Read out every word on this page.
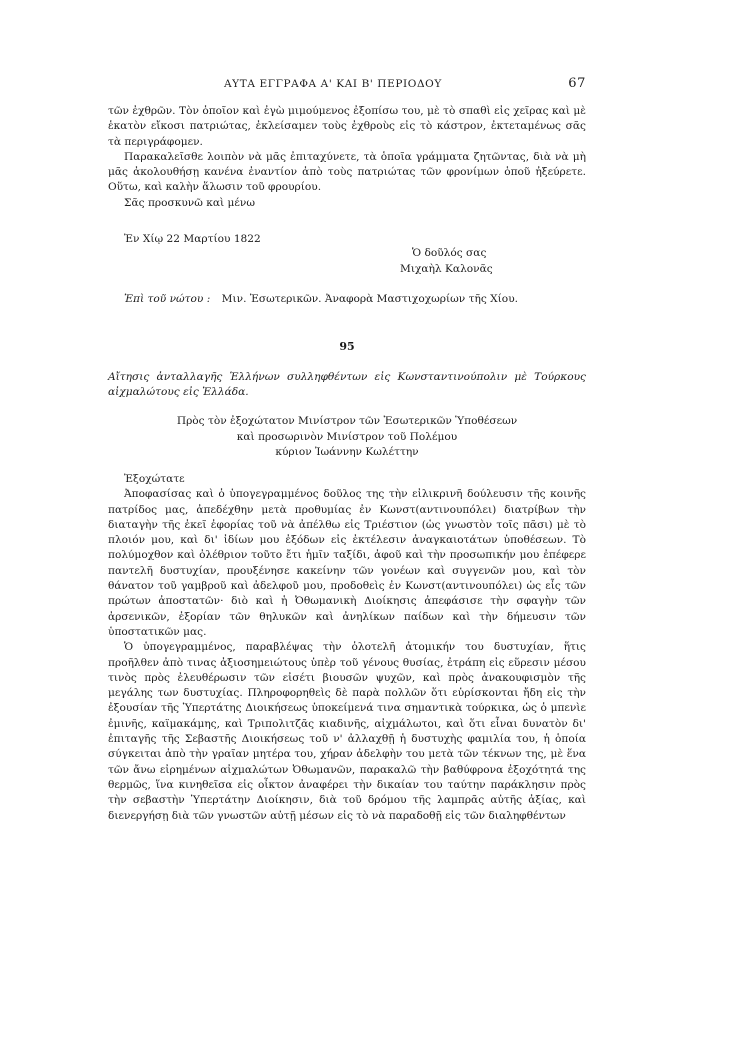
ΑΥΤΑ ΕΓΓΡΑΦΑ Α' ΚΑΙ Β' ΠΕΡΙΟΔΟΥ	67

τῶν ἐχθρῶν. Τὸν ὁποῖον καὶ ἐγὼ μιμούμενος ἐξοπίσω του, μὲ τὸ σπαθὶ εἰς χεῖρας καὶ μὲ ἑκατὸν εἴκοσι πατριώτας, ἐκλείσαμεν τοὺς ἐχθροὺς εἰς τὸ κάστρον, ἐκτεταμένως σᾶς τὰ περιγράφομεν.

Παρακαλεῖσθε λοιπὸν νὰ μᾶς ἐπιταχύνετε, τὰ ὁποῖα γράμματα ζητῶντας, διὰ νὰ μὴ μᾶς ἀκολουθήσῃ κανένα ἐναντίον ἀπὸ τοὺς πατριώτας τῶν φρονίμων ὁποῦ ἠξεύρετε. Οὕτω, καὶ καλὴν ἅλωσιν τοῦ φρουρίου.

Σᾶς προσκυνῶ καὶ μένω

Ἐν Χίῳ 22 Μαρτίου 1822

Ὁ δοῦλός σας
Μιχαὴλ Καλονᾶς

Ἐπὶ τοῦ νώτου : Μιν. Ἐσωτερικῶν. Ἀναφορὰ Μαστιχοχωρίων τῆς Χίου.

95
Αἴτησις ἀνταλλαγῆς Ἑλλήνων συλληφθέντων εἰς Κωνσταντινούπολιν μὲ Τούρκους αἰχμαλώτους εἰς Ἑλλάδα.
Πρὸς τὸν ἐξοχώτατον Μινίστρον τῶν Ἐσωτερικῶν Ὑποθέσεων
καὶ προσωρινὸν Μινίστρον τοῦ Πολέμου
κύριον Ἰωάννην Κωλέττην

Ἐξοχώτατε

Ἀποφασίσας καὶ ὁ ὑπογεγραμμένος δοῦλος της τὴν εἰλικρινῆ δούλευσιν τῆς κοινῆς πατρίδος μας, ἀπεδέχθην μετὰ προθυμίας ἐν Κωνστ(αντινουπόλει) διατρίβων τὴν διαταγὴν τῆς ἐκεῖ ἐφορίας τοῦ νὰ ἀπέλθω εἰς Τριέστιον (ὡς γνωστὸν τοῖς πᾶσι) μὲ τὸ πλοιόν μου, καὶ δι' ἰδίων μου ἐξόδων εἰς ἐκτέλεσιν ἀναγκαιοτάτων ὑποθέσεων. Τὸ πολύμοχθον καὶ ὀλέθριον τοῦτο ἔτι ἡμῖν ταξίδι, ἀφοῦ καὶ τὴν προσωπικήν μου ἐπέφερε παντελῆ δυστυχίαν, προυξένησε κακείνην τῶν γονέων καὶ συγγενῶν μου, καὶ τὸν θάνατον τοῦ γαμβροῦ καὶ ἀδελφοῦ μου, προδοθεὶς ἐν Κωνστ(αντινουπόλει) ὡς εἷς τῶν πρώτων ἀποστατῶν· διὸ καὶ ἡ Ὀθωμανικὴ Διοίκησις ἀπεφάσισε τὴν σφαγὴν τῶν ἀρσενικῶν, ἐξορίαν τῶν θηλυκῶν καὶ ἀνηλίκων παίδων καὶ τὴν δήμευσιν τῶν ὑποστατικῶν μας.

Ὁ ὑπογεγραμμένος, παραβλέψας τὴν ὁλοτελῆ ἀτομικήν του δυστυχίαν, ἥτις προῆλθεν ἀπὸ τινας ἀξιοσημειώτους ὑπὲρ τοῦ γένους θυσίας, ἐτράπη εἰς εὕρεσιν μέσου τινὸς πρὸς ἐλευθέρωσιν τῶν εἰσέτι βιουσῶν ψυχῶν, καὶ πρὸς ἀνακουφισμὸν τῆς μεγάλης των δυστυχίας. Πληροφορηθεὶς δὲ παρὰ πολλῶν ὅτι εὑρίσκονται ἤδη εἰς τὴν ἐξουσίαν τῆς Ὑπερτάτης Διοικήσεως ὑποκείμενά τινα σημαντικὰ τούρκικα, ὡς ὁ μπενὶε ἐμινῆς, καϊμακάμης, καὶ Τριπολιτζᾶς κιαδινῆς, αἰχμάλωτοι, καὶ ὅτι εἶναι δυνατὸν δι' ἐπιταγῆς τῆς Σεβαστῆς Διοικήσεως τοῦ ν' ἀλλαχθῇ ἡ δυστυχὴς φαμιλία του, ἡ ὁποία σύγκειται ἀπὸ τὴν γραῖαν μητέρα του, χήραν ἀδελφὴν του μετὰ τῶν τέκνων της, μὲ ἕνα τῶν ἄνω εἰρημένων αἰχμαλώτων Ὀθωμανῶν, παρακαλῶ τὴν βαθύφρονα ἐξοχότητά της θερμῶς, ἵνα κινηθεῖσα εἰς οἶκτον ἀναφέρει τὴν δικαίαν του ταύτην παράκλησιν πρὸς τὴν σεβαστὴν Ὑπερτάτην Διοίκησιν, διὰ τοῦ δρόμου τῆς λαμπρᾶς αὐτῆς ἀξίας, καὶ διενεργήσῃ διὰ τῶν γνωστῶν αὐτῇ μέσων εἰς τὸ νὰ παραδοθῇ εἰς τῶν διαληφθέντων
